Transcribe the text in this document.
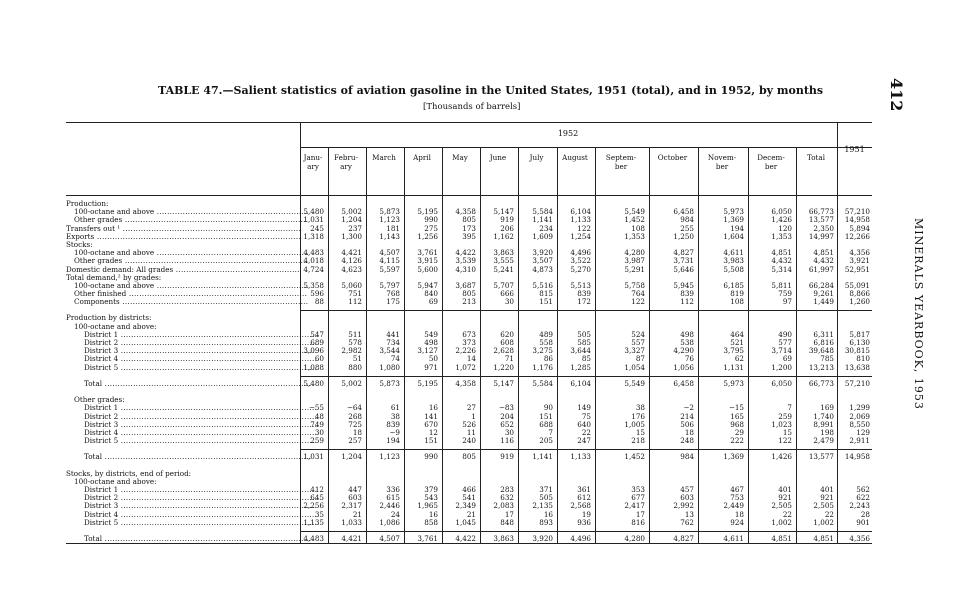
412
MINERALS YEARBOOK, 1953
TABLE 47.—Salient statistics of aviation gasoline in the United States, 1951 (total), and in 1952, by months
[Thousands of barrels]
1952
1951
Janu-
ary
Febru-
ary
March	April	May	June	July	August	Septem-
ber
October	Novem-
ber
Decem-
ber
Total
Production:
100-octane and above .....	5,480	5,002	5,873	5,195	4,358	5,147	5,584	6,104	5,549	6,458	5,973	6,050	66,773	57,210
Other grades .....	1,031	1,204	1,123	990	805	919	1,141	1,133	1,452	984	1,369	1,426	13,577	14,958
Transfers out ¹ .....	245	237	181	275	173	206	234	122	108	255	194	120	2,350	5,894
Exports .....	1,318	1,300	1,143	1,256	395	1,162	1,609	1,254	1,353	1,250	1,604	1,353	14,997	12,266
Stocks:
100-octane and above .....	4,483	4,421	4,507	3,761	4,422	3,863	3,920	4,496	4,280	4,827	4,611	4,851	4,851	4,356
Other grades .....	4,018	4,126	4,115	3,915	3,539	3,555	3,507	3,522	3,987	3,731	3,983	4,432	4,432	3,921
Domestic demand: All grades .....	4,724	4,623	5,597	5,600	4,310	5,241	4,873	5,270	5,291	5,646	5,508	5,314	61,997	52,951
Total demand,² by grades:
100-octane and above .....	5,358	5,060	5,797	5,947	3,687	5,707	5,516	5,513	5,758	5,945	6,185	5,811	66,284	55,091
Other finished .....	596	751	768	840	805	666	815	839	764	839	819	759	9,261	8,866
Components .....	88	112	175	69	213	30	151	172	122	112	108	97	1,449	1,260
Production by districts:
100-octane and above:
District 1 .....	547	511	441	549	673	620	489	505	524	498	464	490	6,311	5,817
District 2 .....	689	578	734	498	373	608	558	585	557	538	521	577	6,816	6,130
District 3 .....	3,096	2,982	3,544	3,127	2,226	2,628	3,275	3,644	3,327	4,290	3,795	3,714	39,648	30,815
District 4 .....	60	51	74	50	14	71	86	85	87	76	62	69	785	810
District 5 .....	1,088	880	1,080	971	1,072	1,220	1,176	1,285	1,054	1,056	1,131	1,200	13,213	13,638
Total .....	5,480	5,002	5,873	5,195	4,358	5,147	5,584	6,104	5,549	6,458	5,973	6,050	66,773	57,210
Other grades:
District 1 .....	−55	−64	61	16	27	−83	90	149	38	−2	−15	7	169	1,299
District 2 .....	48	268	38	141	1	204	151	75	176	214	165	259	1,740	2,069
District 3 .....	749	725	839	670	526	652	688	640	1,005	506	968	1,023	8,991	8,550
District 4 .....	30	18	−9	12	11	30	7	22	15	18	29	15	198	129
District 5 .....	259	257	194	151	240	116	205	247	218	248	222	122	2,479	2,911
Total .....	1,031	1,204	1,123	990	805	919	1,141	1,133	1,452	984	1,369	1,426	13,577	14,958
Stocks, by districts, end of period:
100-octane and above:
District 1 .....	412	447	336	379	466	283	371	361	353	457	467	401	401	562
District 2 .....	645	603	615	543	541	632	505	612	677	603	753	921	921	622
District 3 .....	2,256	2,317	2,446	1,965	2,349	2,083	2,135	2,568	2,417	2,992	2,449	2,505	2,505	2,243
District 4 .....	35	21	24	16	21	17	16	19	17	13	18	22	22	28
District 5 .....	1,135	1,033	1,086	858	1,045	848	893	936	816	762	924	1,002	1,002	901
Total .....	4,483	4,421	4,507	3,761	4,422	3,863	3,920	4,496	4,280	4,827	4,611	4,851	4,851	4,356
